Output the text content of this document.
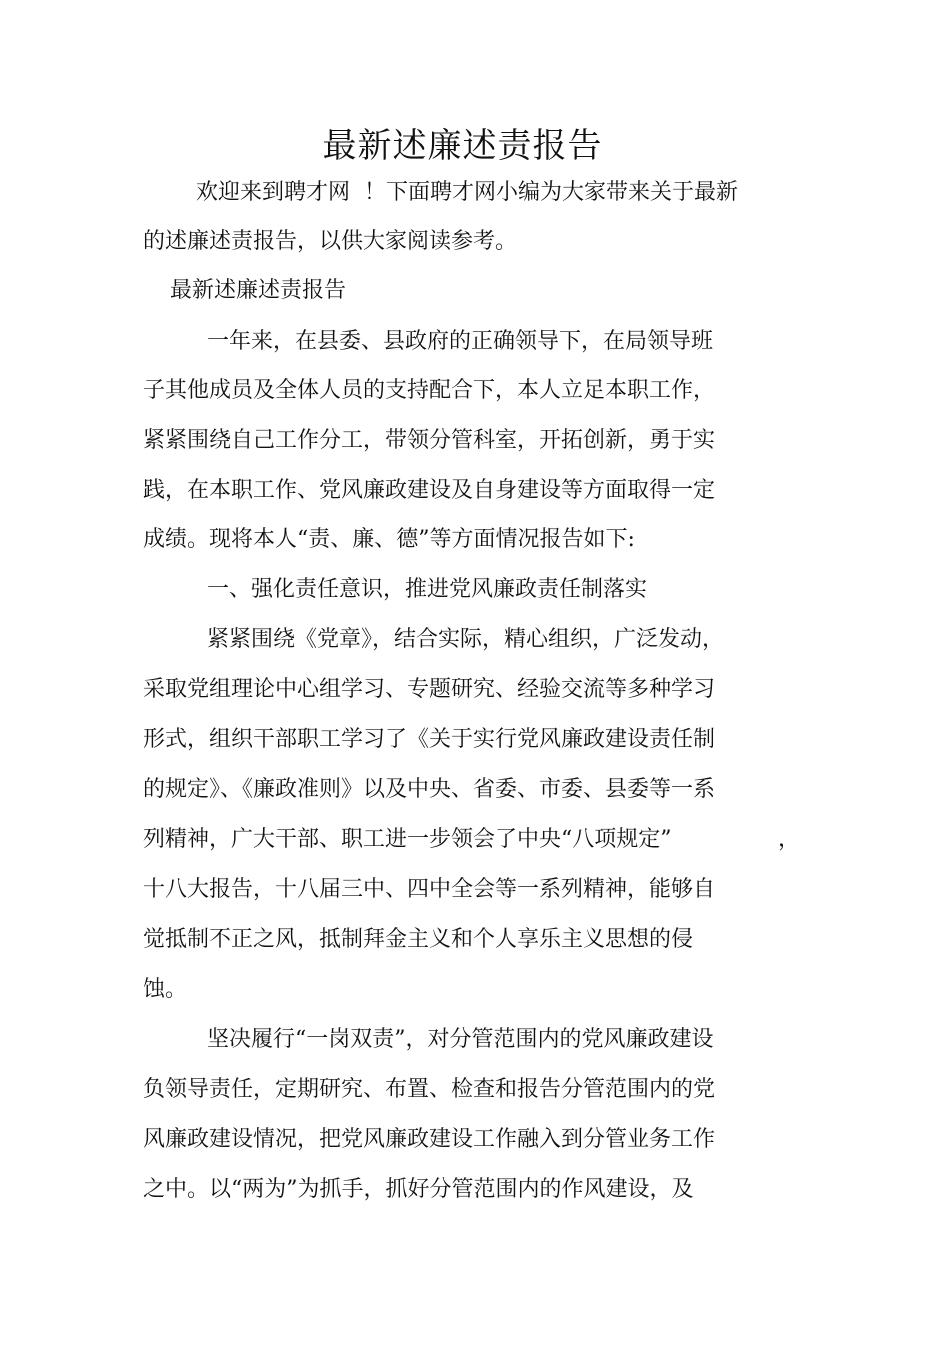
最新述廉述责报告

欢迎来到聘才网  ！下面聘才网小编为大家带来关于最新

的述廉述责报告，以供大家阅读参考。

最新述廉述责报告

一年来，在县委、县政府的正确领导下，在局领导班

子其他成员及全体人员的支持配合下，本人立足本职工作，

紧紧围绕自己工作分工，带领分管科室，开拓创新，勇于实

践，在本职工作、党风廉政建设及自身建设等方面取得一定

成绩。现将本人“责、廉、德”等方面情况报告如下:

一、强化责任意识，推进党风廉政责任制落实

紧紧围绕《党章》，结合实际，精心组织，广泛发动，

采取党组理论中心组学习、专题研究、经验交流等多种学习

形式，组织干部职工学习了《关于实行党风廉政建设责任制

的规定》、《廉政准则》以及中央、省委、市委、县委等一系

列精神，广大干部、职工进一步领会了中央“八项规定”	，

十八大报告，十八届三中、四中全会等一系列精神，能够自

觉抵制不正之风，抵制拜金主义和个人享乐主义思想的侵

蚀。

坚决履行“一岗双责”，对分管范围内的党风廉政建设

负领导责任，定期研究、布置、检查和报告分管范围内的党

风廉政建设情况，把党风廉政建设工作融入到分管业务工作

之中。以“两为”为抓手，抓好分管范围内的作风建设，及
